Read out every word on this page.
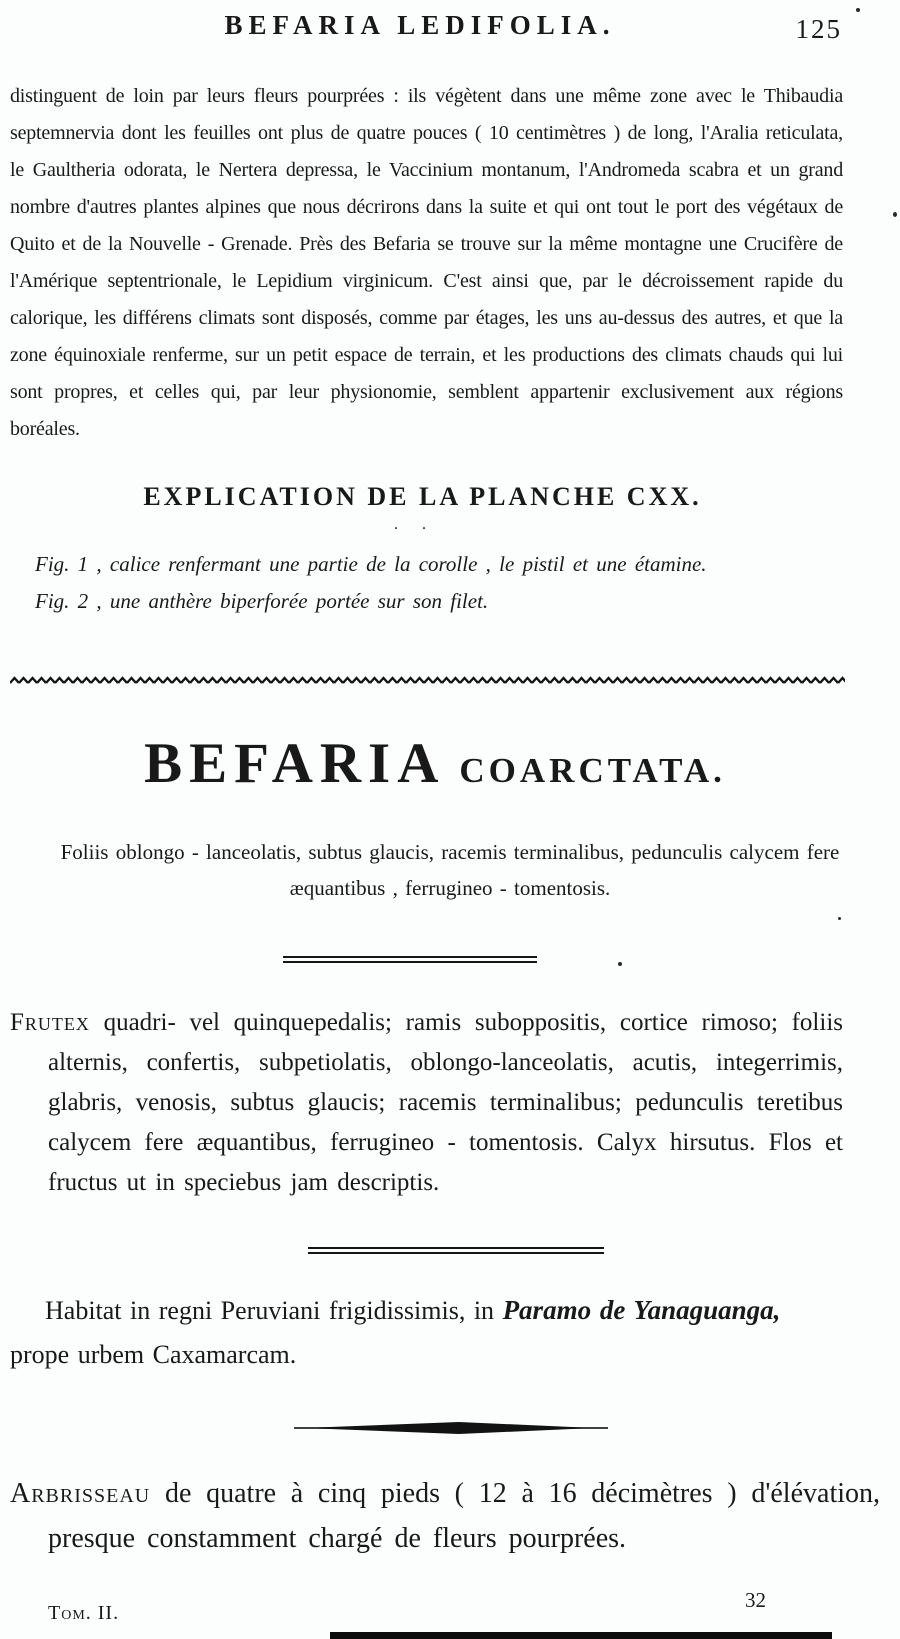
BEFARIA LEDIFOLIA.	125

distinguent de loin par leurs fleurs pourprées : ils végètent dans une même zone avec le Thibaudia septemnervia dont les feuilles ont plus de quatre pouces ( 10 centimètres ) de long, l'Aralia reticulata, le Gaultheria odorata, le Nertera depressa, le Vaccinium montanum, l'Andromeda scabra et un grand nombre d'autres plantes alpines que nous décrirons dans la suite et qui ont tout le port des végétaux de Quito et de la Nouvelle - Grenade. Près des Befaria se trouve sur la même montagne une Crucifère de l'Amérique septentrionale, le Lepidium virginicum. C'est ainsi que, par le décroissement rapide du calorique, les différens climats sont disposés, comme par étages, les uns au-dessus des autres, et que la zone équinoxiale renferme, sur un petit espace de terrain, et les productions des climats chauds qui lui sont propres, et celles qui, par leur physionomie, semblent appartenir exclusivement aux régions boréales.

EXPLICATION DE LA PLANCHE CXX.
. .
Fig. 1 , calice renfermant une partie de la corolle , le pistil et une étamine.
Fig. 2 , une anthère biperforée portée sur son filet.
BEFARIA COARCTATA.
Foliis oblongo - lanceolatis, subtus glaucis, racemis terminalibus, pedunculis calycem fere æquantibus , ferrugineo - tomentosis.

Frutex quadri- vel quinquepedalis; ramis suboppositis, cortice rimoso; foliis alternis, confertis, subpetiolatis, oblongo-lanceolatis, acutis, integerrimis, glabris, venosis, subtus glaucis; racemis terminalibus; pedunculis teretibus calycem fere æquantibus, ferrugineo - tomentosis. Calyx hirsutus. Flos et fructus ut in speciebus jam descriptis.

Habitat in regni Peruviani frigidissimis, in Paramo de Yanaguanga, prope urbem Caxamarcam.

Arbrisseau de quatre à cinq pieds ( 12 à 16 décimètres ) d'élévation, presque constamment chargé de fleurs pourprées.

Tom. II.
32
